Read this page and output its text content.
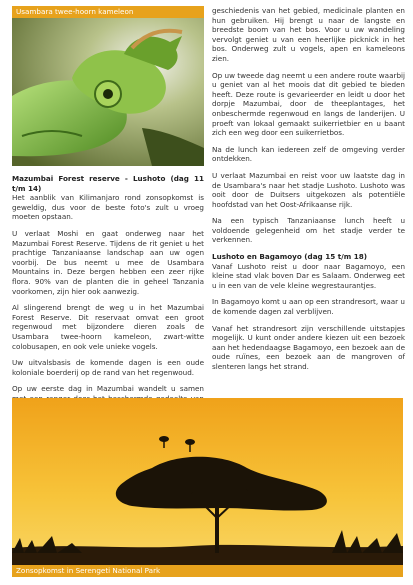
Usambara twee-hoorn kameleon
Mazumbai Forest reserve - Lushoto (dag 11 t/m 14)

Het aanblik van Kilimanjaro rond zonsopkomst is geweldig, dus voor de beste foto's zult u vroeg moeten opstaan.

U verlaat Moshi en gaat onderweg naar het Mazumbai Forest Reserve. Tijdens de rit geniet u het prachtige Tanzaniaanse landschap aan uw ogen voorbij. De bus neemt u mee de Usambara Mountains in. Deze bergen hebben een zeer rijke flora. 90% van de planten die in geheel Tanzania voorkomen, zijn hier ook aanwezig.

Al slingerend brengt de weg u in het Mazumbai Forest Reserve. Dit reservaat omvat een groot regenwoud met bijzondere dieren zoals de Usambara twee-hoorn kameleon, zwart-witte colobusapen, en ook vele unieke vogels.

Uw uitvalsbasis de komende dagen is een oude koloniale boerderij op de rand van het regenwoud.

Op uw eerste dag in Mazumbai wandelt u samen

geschiedenis van het gebied, medicinale planten en hun gebruiken. Hij brengt u naar de langste en breedste boom van het bos. Voor u uw wandeling vervolgt geniet u van een heerlijke picknick in het bos. Onderweg zult u vogels, apen en kameleons zien.

Op uw tweede dag neemt u een andere route waarbij u geniet van al het moois dat dit gebied te bieden heeft. Deze route is gevarieerder en leidt u door het dorpje Mazumbai, door de theeplantages, het onbeschermde regenwoud en langs de landerijen. U proeft van lokaal gemaakt suikerrietbier en u baant zich een weg door een suikerrietbos.

Na de lunch kan iedereen zelf de omgeving verder ontdekken.

U verlaat Mazumbai en reist voor uw laatste dag in de Usambara's naar het stadje Lushoto. Lushoto was ooit door de Duitsers uitgekozen als potentiële hoofdstad van het Oost-Afrikaanse rijk.

Na een typisch Tanzaniaanse lunch heeft u voldoende gelegenheid om het stadje verder te verkennen.

Lushoto en Bagamoyo (dag 15 t/m 18)

Vanaf Lushoto reist u door naar Bagamoyo, een kleine stad vlak boven Dar es Salaam. Onderweg eet u in een van de vele kleine wegrestaurantjes.

In Bagamoyo komt u aan op een strandresort, waar u de komende dagen zal verblijven.

Vanaf het strandresort zijn verschillende uitstapjes mogelijk. U kunt onder andere kiezen uit een bezoek aan het hedendaagse Bagamoyo, een bezoek aan de oude ruïnes, een bezoek aan de mangroven of slenteren langs het strand.

Zonsopkomst in Serengeti National Park
